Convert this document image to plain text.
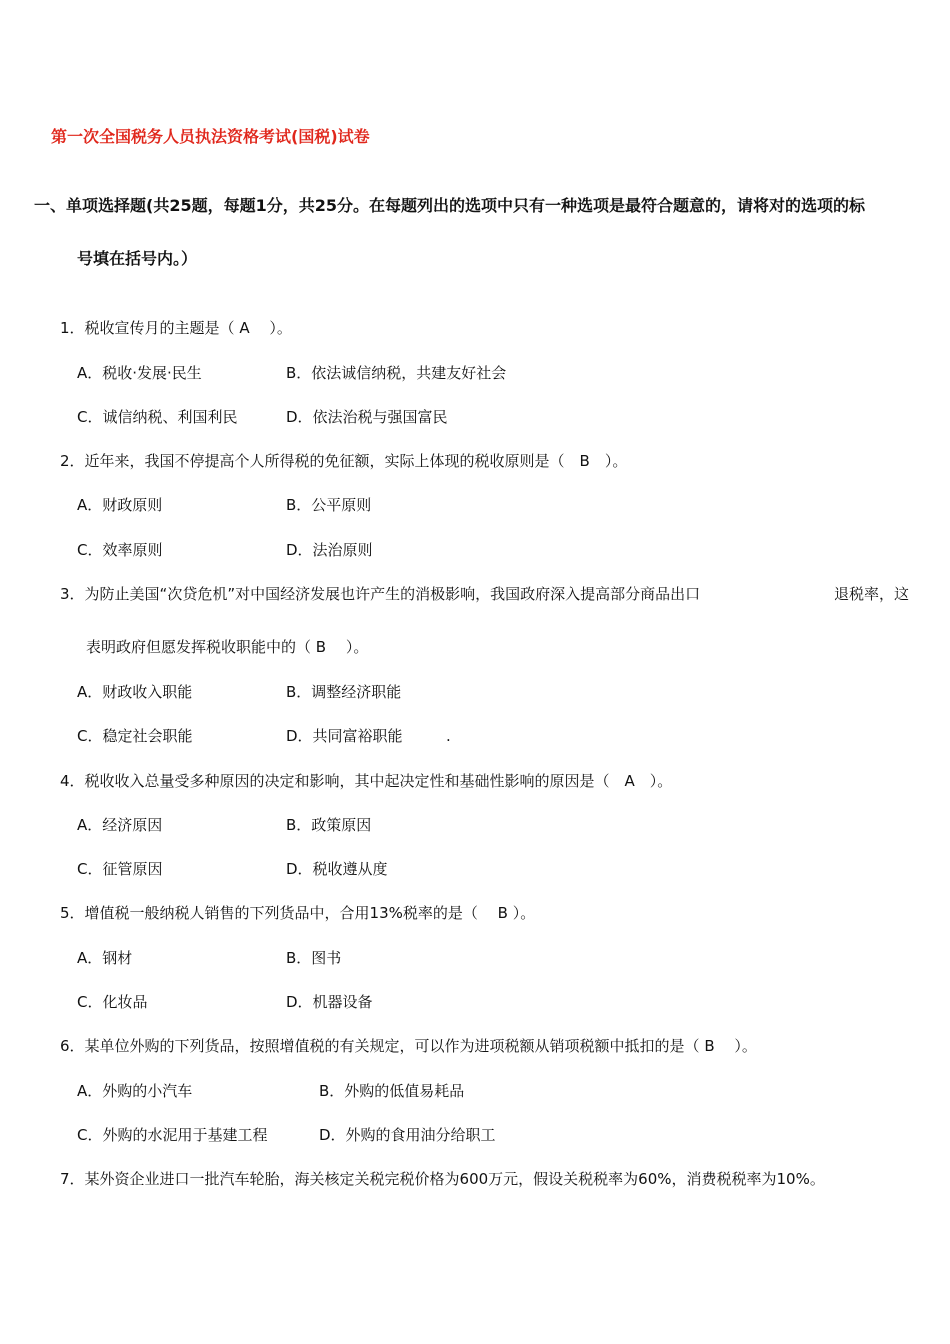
第一次全国税务人员执法资格考试(国税)试卷
一、单项选择题(共25题，每题1分，共25分。在每题列出的选项中只有一种选项是最符合题意的，请将对的选项的标
号填在括号内。）
1．税收宣传月的主题是（ A　 ）。
A．税收·发展·民生	B．依法诚信纳税，共建友好社会
C．诚信纳税、利国利民	D．依法治税与强国富民
2．近年来，我国不停提高个人所得税的免征额，实际上体现的税收原则是（　B　）。
A．财政原则	B．公平原则
C．效率原则	D．法治原则
3．为防止美国“次贷危机”对中国经济发展也许产生的消极影响，我国政府深入提高部分商品出口	退税率，这
表明政府但愿发挥税收职能中的（ B　 ）。
A．财政收入职能	B．调整经济职能
C．稳定社会职能	D．共同富裕职能	.
4．税收收入总量受多种原因的决定和影响，其中起决定性和基础性影响的原因是（　A　）。
A．经济原因	B．政策原因
C．征管原因	D．税收遵从度
5．增值税一般纳税人销售的下列货品中，合用13%税率的是（　 B ）。
A．钢材	B．图书
C．化妆品	D．机器设备
6．某单位外购的下列货品，按照增值税的有关规定，可以作为进项税额从销项税额中抵扣的是（ B　 ）。
A．外购的小汽车	B．外购的低值易耗品
C．外购的水泥用于基建工程	D．外购的食用油分给职工
7．某外资企业进口一批汽车轮胎，海关核定关税完税价格为600万元，假设关税税率为60%，消费税税率为10%。
